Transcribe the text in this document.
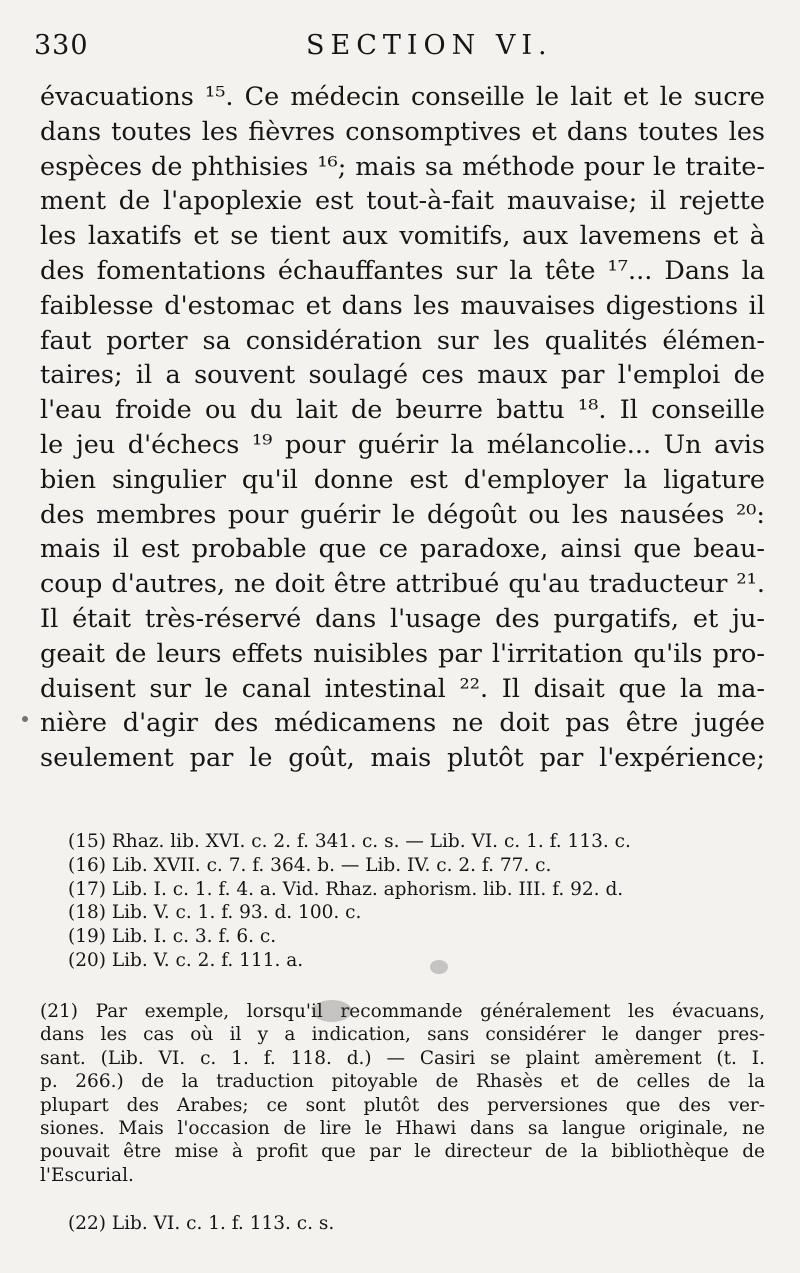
330	SECTION VI.
évacuations ¹⁵. Ce médecin conseille le lait et le sucre
dans toutes les fièvres consomptives et dans toutes les
espèces de phthisies ¹⁶; mais sa méthode pour le traite-
ment de l'apoplexie est tout-à-fait mauvaise; il rejette
les laxatifs et se tient aux vomitifs, aux lavemens et à
des fomentations échauffantes sur la tête ¹⁷... Dans la
faiblesse d'estomac et dans les mauvaises digestions il
faut porter sa considération sur les qualités élémen-
taires; il a souvent soulagé ces maux par l'emploi de
l'eau froide ou du lait de beurre battu ¹⁸. Il conseille
le jeu d'échecs ¹⁹ pour guérir la mélancolie... Un avis
bien singulier qu'il donne est d'employer la ligature
des membres pour guérir le dégoût ou les nausées ²⁰:
mais il est probable que ce paradoxe, ainsi que beau-
coup d'autres, ne doit être attribué qu'au traducteur ²¹.
Il était très-réservé dans l'usage des purgatifs, et ju-
geait de leurs effets nuisibles par l'irritation qu'ils pro-
duisent sur le canal intestinal ²². Il disait que la ma-
nière d'agir des médicamens ne doit pas être jugée
seulement par le goût, mais plutôt par l'expérience;
(15) Rhaz. lib. XVI. c. 2. f. 341. c. s. — Lib. VI. c. 1. f. 113. c.
(16) Lib. XVII. c. 7. f. 364. b. — Lib. IV. c. 2. f. 77. c.
(17) Lib. I. c. 1. f. 4. a. Vid. Rhaz. aphorism. lib. III. f. 92. d.
(18) Lib. V. c. 1. f. 93. d. 100. c.
(19) Lib. I. c. 3. f. 6. c.
(20) Lib. V. c. 2. f. 111. a.
(21) Par exemple, lorsqu'il recommande généralement les évacuans,
dans les cas où il y a indication, sans considérer le danger pres-
sant. (Lib. VI. c. 1. f. 118. d.) — Casiri se plaint amèrement (t. I.
p. 266.) de la traduction pitoyable de Rhasès et de celles de la
plupart des Arabes; ce sont plutôt des perversiones que des ver-
siones. Mais l'occasion de lire le Hhawi dans sa langue originale, ne
pouvait être mise à profit que par le directeur de la bibliothèque de
l'Escurial.
(22) Lib. VI. c. 1. f. 113. c. s.
